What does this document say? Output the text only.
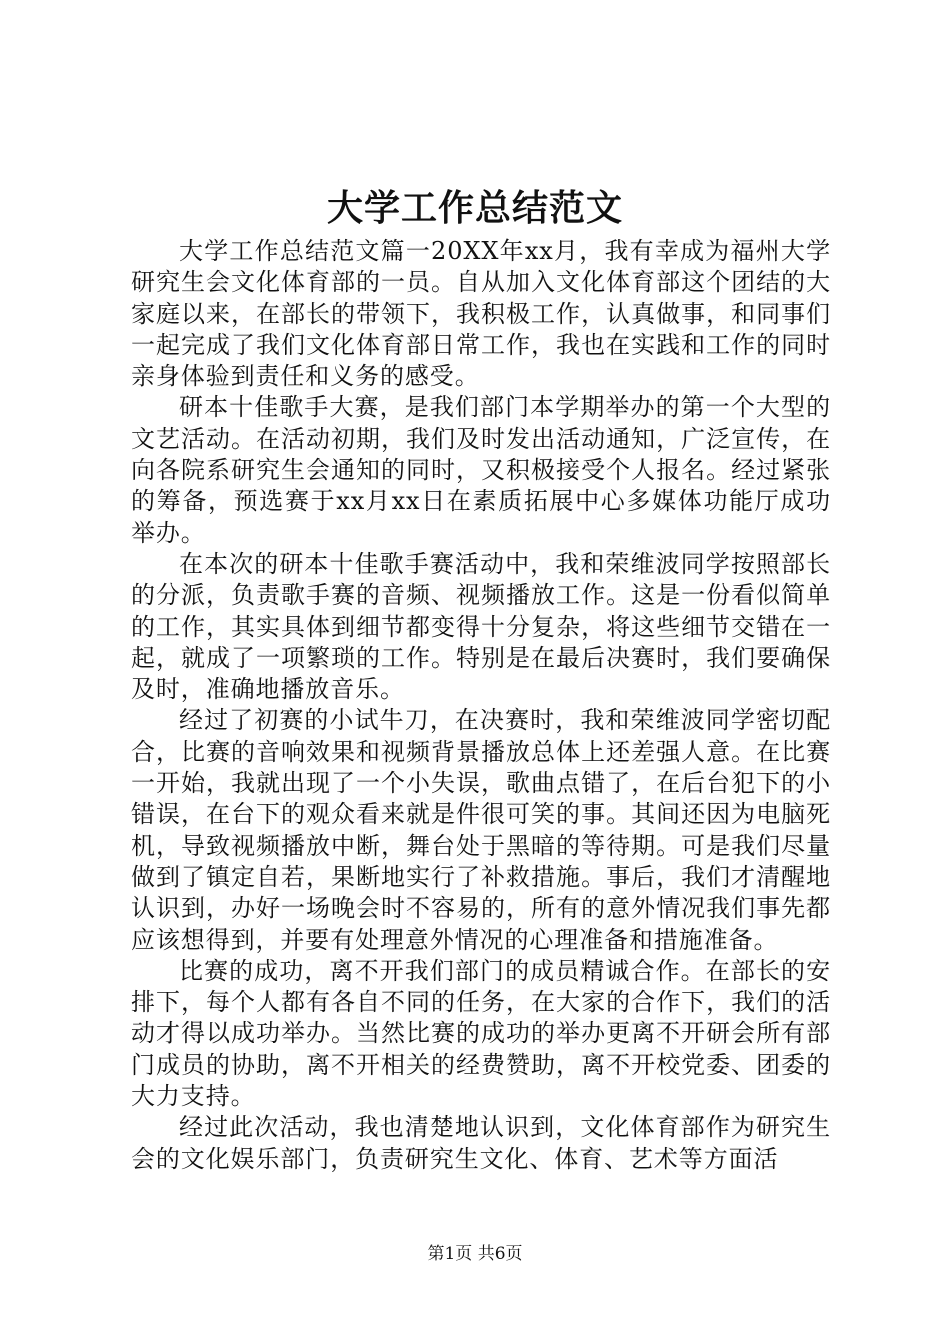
大学工作总结范文

大学工作总结范文篇一20XX年xx月，我有幸成为福州大学研究生会文化体育部的一员。自从加入文化体育部这个团结的大家庭以来，在部长的带领下，我积极工作，认真做事，和同事们一起完成了我们文化体育部日常工作，我也在实践和工作的同时亲身体验到责任和义务的感受。

研本十佳歌手大赛，是我们部门本学期举办的第一个大型的文艺活动。在活动初期，我们及时发出活动通知，广泛宣传，在向各院系研究生会通知的同时，又积极接受个人报名。经过紧张的筹备，预选赛于xx月xx日在素质拓展中心多媒体功能厅成功举办。

在本次的研本十佳歌手赛活动中，我和荣维波同学按照部长的分派，负责歌手赛的音频、视频播放工作。这是一份看似简单的工作，其实具体到细节都变得十分复杂，将这些细节交错在一起，就成了一项繁琐的工作。特别是在最后决赛时，我们要确保及时，准确地播放音乐。

经过了初赛的小试牛刀，在决赛时，我和荣维波同学密切配合，比赛的音响效果和视频背景播放总体上还差强人意。在比赛一开始，我就出现了一个小失误，歌曲点错了，在后台犯下的小错误，在台下的观众看来就是件很可笑的事。其间还因为电脑死机，导致视频播放中断，舞台处于黑暗的等待期。可是我们尽量做到了镇定自若，果断地实行了补救措施。事后，我们才清醒地认识到，办好一场晚会时不容易的，所有的意外情况我们事先都应该想得到，并要有处理意外情况的心理准备和措施准备。

比赛的成功，离不开我们部门的成员精诚合作。在部长的安排下，每个人都有各自不同的任务，在大家的合作下，我们的活动才得以成功举办。当然比赛的成功的举办更离不开研会所有部门成员的协助，离不开相关的经费赞助，离不开校党委、团委的大力支持。

经过此次活动，我也清楚地认识到，文化体育部作为研究生会的文化娱乐部门，负责研究生文化、体育、艺术等方面活

第1页 共6页
